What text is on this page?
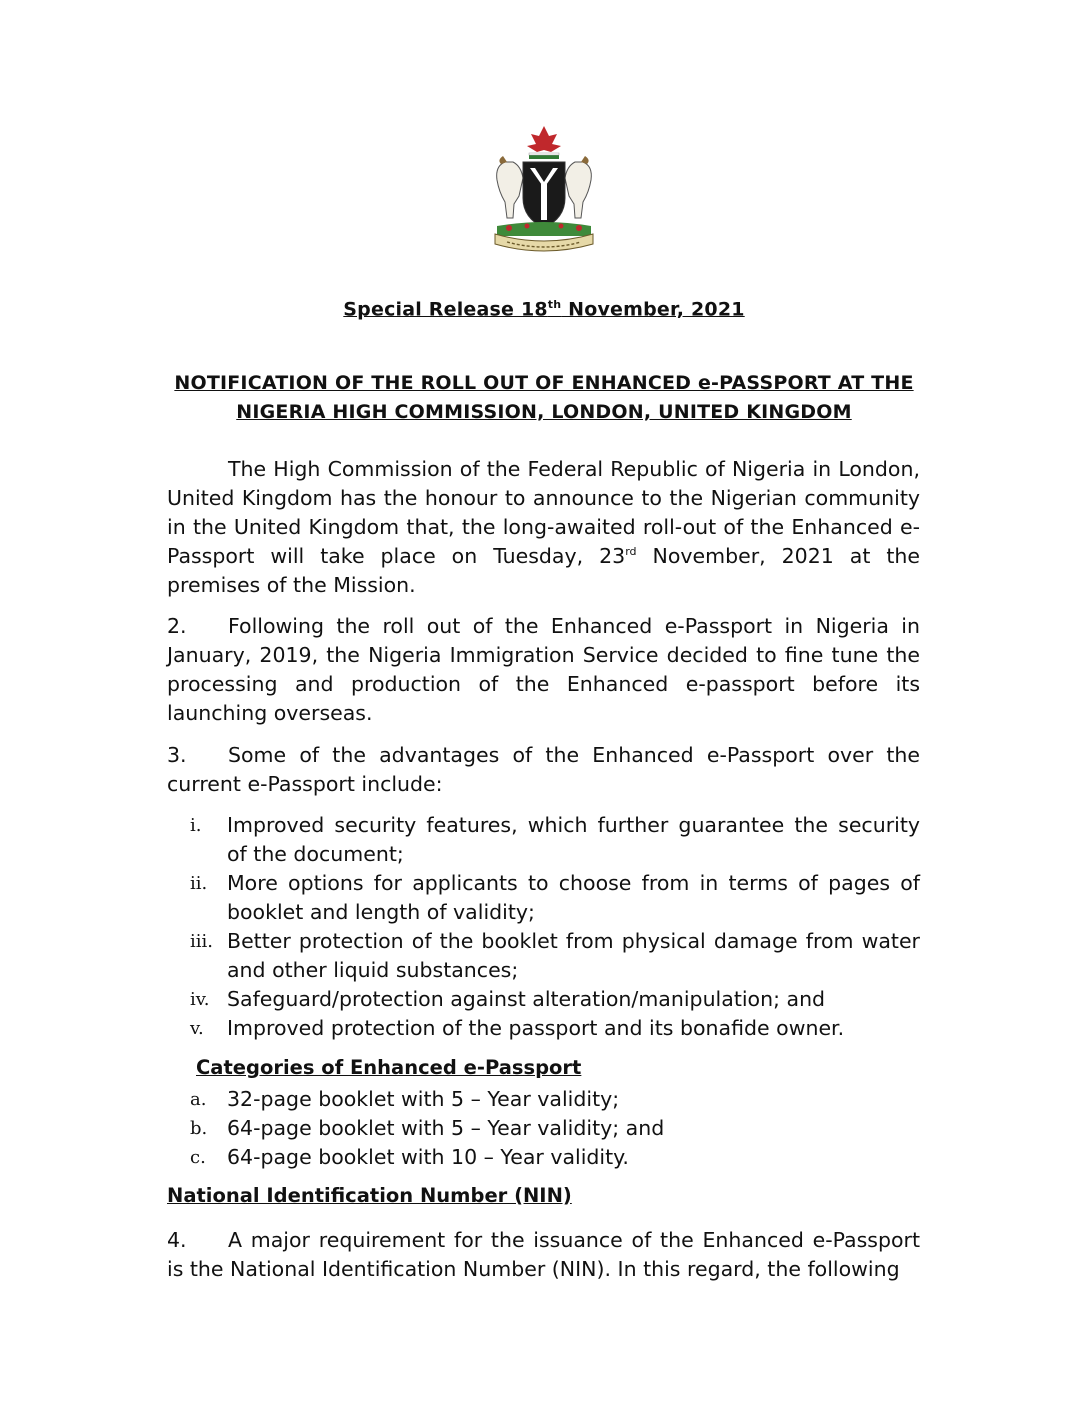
Special Release 18th November, 2021
NOTIFICATION OF THE ROLL OUT OF ENHANCED e-PASSPORT AT THE
NIGERIA HIGH COMMISSION, LONDON, UNITED KINGDOM
The High Commission of the Federal Republic of Nigeria in London, United Kingdom has the honour to announce to the Nigerian community in the United Kingdom that, the long-awaited roll-out of the Enhanced e-Passport will take place on Tuesday, 23rd November, 2021 at the premises of the Mission.
2. Following the roll out of the Enhanced e-Passport in Nigeria in January, 2019, the Nigeria Immigration Service decided to fine tune the processing and production of the Enhanced e-passport before its launching overseas.
3. Some of the advantages of the Enhanced e-Passport over the current e-Passport include:
i. Improved security features, which further guarantee the security of the document;
ii. More options for applicants to choose from in terms of pages of booklet and length of validity;
iii. Better protection of the booklet from physical damage from water and other liquid substances;
iv. Safeguard/protection against alteration/manipulation; and
v. Improved protection of the passport and its bonafide owner.
Categories of Enhanced e-Passport
a. 32-page booklet with 5 – Year validity;
b. 64-page booklet with 5 – Year validity; and
c. 64-page booklet with 10 – Year validity.
National Identification Number (NIN)
4. A major requirement for the issuance of the Enhanced e-Passport is the National Identification Number (NIN). In this regard, the following
